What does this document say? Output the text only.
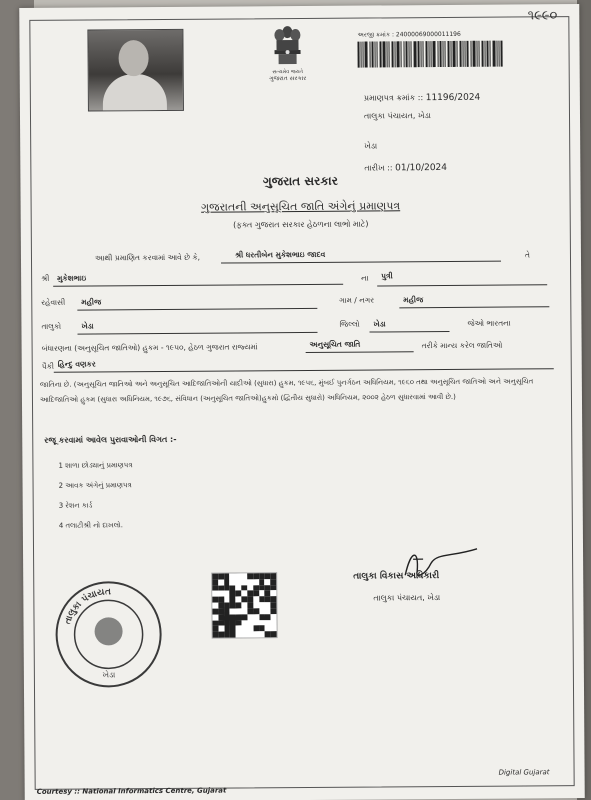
૧૯૯૦
સત્યમેવ જયતે
ગુજરાત સરકાર
અરજી ક્રમાંક : 24000069000011196
પ્રમાણપત્ર ક્રમાંક :: 11196/2024
તાલુકા પંચાયત, ખેડા
ખેડા
તારીખ :: 01/10/2024
ગુજરાત સરકાર
ગુજરાતની અનુસૂચિત જાતિ અંગેનું પ્રમાણપત્ર
(ફક્ત ગુજરાત સરકાર હેઠળના લાભો માટે)
આથી પ્રમાણિત કરવામાં આવે છે કે,	શ્રી ધરતીબેન મુકેશભાઇ જાદવ	તે
શ્રી મુકેશભાઇ	ના પુત્રી
રહેવાસી મહીજ	ગામ / નગર	મહીજ
તાલુકો	ખેડા	જિલ્લો ખેડા	જેઓ ભારતના
બંધારણના (અનુસૂચિત જાતિઓ) હુકમ - ૧૯૫૦, હેઠળ ગુજરાત રાજ્યમાં	અનુસૂચિત જાતિ	તરીકે માન્ય કરેલ જાતિઓ
પૈકી હિન્દુ વણકર
જાતિના છે. (અનુસૂચિત જાતિઓ અને અનુસૂચિત આદિજાતિઓની યાદીઓ (સુધારા) હુકમ, ૧૯૫૬, મુંબઈ પુનર્ગઠન અધિનિયમ, ૧૯૬૦ તથા અનુસૂચિત જાતિઓ અને અનુસૂચિત આદિજાતિઓ હુકમ (સુધારા અધિનિયમ, ૧૯૭૬, સંવિધાન (અનુસૂચિત જાતિઓ)હુકમો (દ્વિતીય સુધારો) અધિનિયમ, ૨૦૦૨ હેઠળ સુધારવામાં આવી છે.)
રજૂ કરવામાં આવેલ પુરાવાઓની વિગત :-
1 શાળા છોડ્યાનું પ્રમાણપત્ર
2 આવક અંગેનું પ્રમાણપત્ર
3 રેશન કાર્ડ
4 તલાટીશ્રી નો દાખલો.
તાલુકા પંચાયત
ખેડા
તાલુકા વિકાસ અધિકારી
તાલુકા પંચાયત, ખેડા
Digital Gujarat
Courtesy :: National Informatics Centre, Gujarat
